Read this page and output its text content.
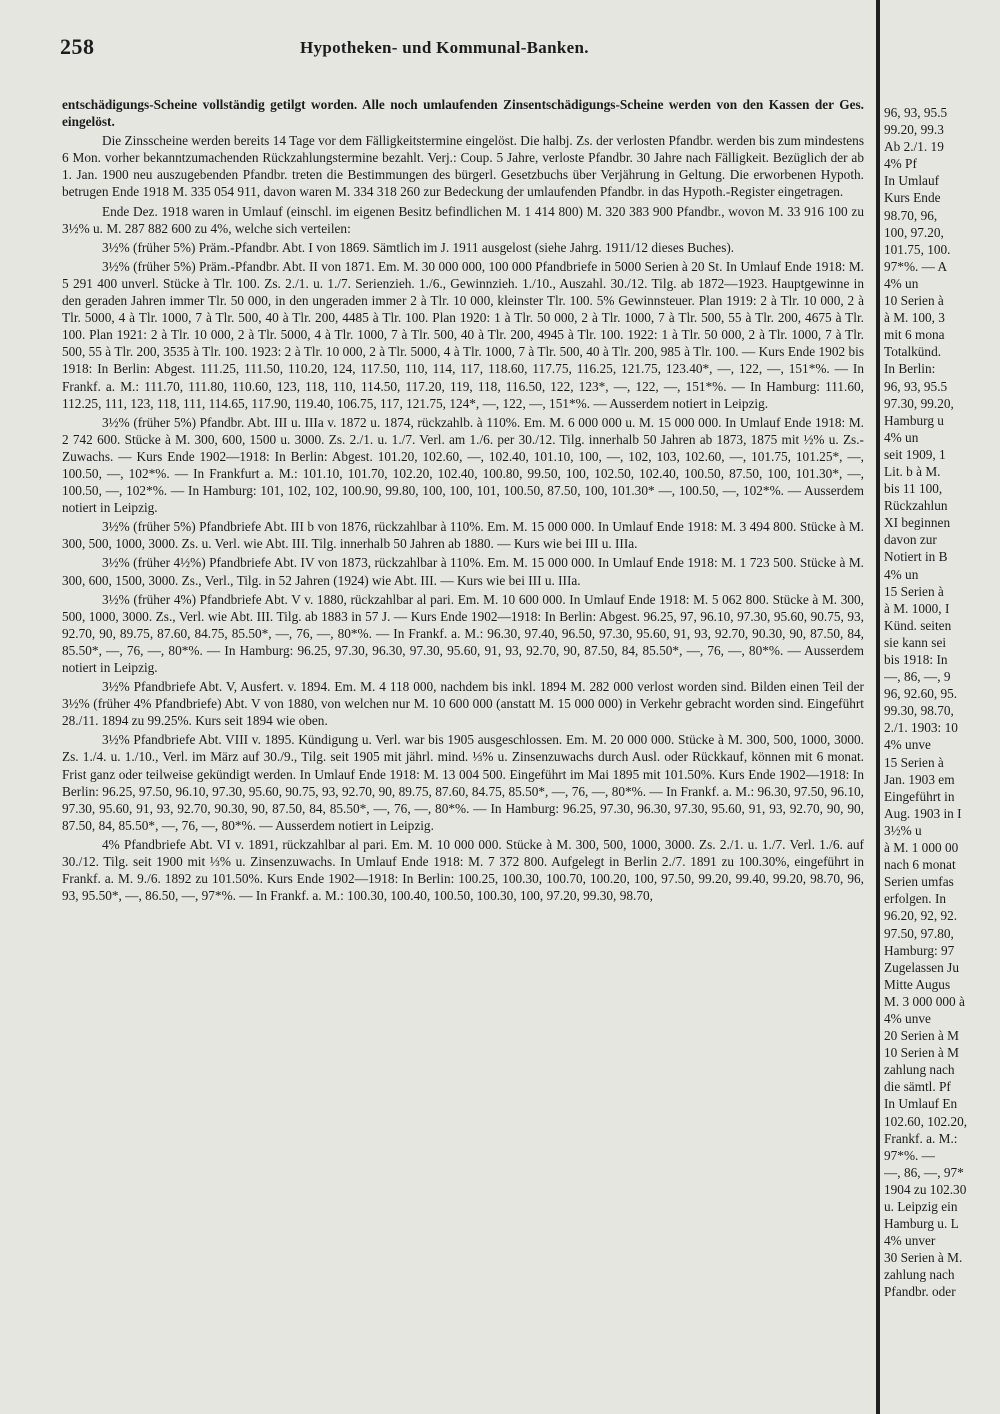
258	Hypotheken- und Kommunal-Banken.

entschädigungs-Scheine vollständig getilgt worden. Alle noch umlaufenden Zinsentschädigungs-Scheine werden von den Kassen der Ges. eingelöst.

Die Zinsscheine werden bereits 14 Tage vor dem Fälligkeitstermine eingelöst. Die halbj. Zs. der verlosten Pfandbr. werden bis zum mindestens 6 Mon. vorher bekanntzumachenden Rückzahlungstermine bezahlt. Verj.: Coup. 5 Jahre, verloste Pfandbr. 30 Jahre nach Fälligkeit. Bezüglich der ab 1. Jan. 1900 neu auszugebenden Pfandbr. treten die Bestimmungen des bürgerl. Gesetzbuchs über Verjährung in Geltung. Die erworbenen Hypoth. betrugen Ende 1918 M. 335 054 911, davon waren M. 334 318 260 zur Bedeckung der umlaufenden Pfandbr. in das Hypoth.-Register eingetragen.

Ende Dez. 1918 waren in Umlauf (einschl. im eigenen Besitz befindlichen M. 1 414 800) M. 320 383 900 Pfandbr., wovon M. 33 916 100 zu 3½% u. M. 287 882 600 zu 4%, welche sich verteilen:

3½% (früher 5%) Präm.-Pfandbr. Abt. I von 1869. Sämtlich im J. 1911 ausgelost (siehe Jahrg. 1911/12 dieses Buches).

3½% (früher 5%) Präm.-Pfandbr. Abt. II von 1871. Em. M. 30 000 000, 100 000 Pfandbriefe in 5000 Serien à 20 St. In Umlauf Ende 1918: M. 5 291 400 unverl. Stücke à Tlr. 100. Zs. 2./1. u. 1./7. Serienzieh. 1./6., Gewinnzieh. 1./10., Auszahl. 30./12. Tilg. ab 1872—1923. Hauptgewinne in den geraden Jahren immer Tlr. 50 000, in den ungeraden immer 2 à Tlr. 10 000, kleinster Tlr. 100. 5% Gewinnsteuer. Plan 1919: 2 à Tlr. 10 000, 2 à Tlr. 5000, 4 à Tlr. 1000, 7 à Tlr. 500, 40 à Tlr. 200, 4485 à Tlr. 100. Plan 1920: 1 à Tlr. 50 000, 2 à Tlr. 1000, 7 à Tlr. 500, 55 à Tlr. 200, 4675 à Tlr. 100. Plan 1921: 2 à Tlr. 10 000, 2 à Tlr. 5000, 4 à Tlr. 1000, 7 à Tlr. 500, 40 à Tlr. 200, 4945 à Tlr. 100. 1922: 1 à Tlr. 50 000, 2 à Tlr. 1000, 7 à Tlr. 500, 55 à Tlr. 200, 3535 à Tlr. 100. 1923: 2 à Tlr. 10 000, 2 à Tlr. 5000, 4 à Tlr. 1000, 7 à Tlr. 500, 40 à Tlr. 200, 985 à Tlr. 100. — Kurs Ende 1902 bis 1918: In Berlin: Abgest. 111.25, 111.50, 110.20, 124, 117.50, 110, 114, 117, 118.60, 117.75, 116.25, 121.75, 123.40*, —, 122, —, 151*%. — In Frankf. a. M.: 111.70, 111.80, 110.60, 123, 118, 110, 114.50, 117.20, 119, 118, 116.50, 122, 123*, —, 122, —, 151*%. — In Hamburg: 111.60, 112.25, 111, 123, 118, 111, 114.65, 117.90, 119.40, 106.75, 117, 121.75, 124*, —, 122, —, 151*%. — Ausserdem notiert in Leipzig.

3½% (früher 5%) Pfandbr. Abt. III u. IIIa v. 1872 u. 1874, rückzahlb. à 110%. Em. M. 6 000 000 u. M. 15 000 000. In Umlauf Ende 1918: M. 2 742 600. Stücke à M. 300, 600, 1500 u. 3000. Zs. 2./1. u. 1./7. Verl. am 1./6. per 30./12. Tilg. innerhalb 50 Jahren ab 1873, 1875 mit ½% u. Zs.-Zuwachs. — Kurs Ende 1902—1918: In Berlin: Abgest. 101.20, 102.60, —, 102.40, 101.10, 100, —, 102, 103, 102.60, —, 101.75, 101.25*, —, 100.50, —, 102*%. — In Frankfurt a. M.: 101.10, 101.70, 102.20, 102.40, 100.80, 99.50, 100, 102.50, 102.40, 100.50, 87.50, 100, 101.30*, —, 100.50, —, 102*%. — In Hamburg: 101, 102, 102, 100.90, 99.80, 100, 100, 101, 100.50, 87.50, 100, 101.30* —, 100.50, —, 102*%. — Ausserdem notiert in Leipzig.

3½% (früher 5%) Pfandbriefe Abt. III b von 1876, rückzahlbar à 110%. Em. M. 15 000 000. In Umlauf Ende 1918: M. 3 494 800. Stücke à M. 300, 500, 1000, 3000. Zs. u. Verl. wie Abt. III. Tilg. innerhalb 50 Jahren ab 1880. — Kurs wie bei III u. IIIa.

3½% (früher 4½%) Pfandbriefe Abt. IV von 1873, rückzahlbar à 110%. Em. M. 15 000 000. In Umlauf Ende 1918: M. 1 723 500. Stücke à M. 300, 600, 1500, 3000. Zs., Verl., Tilg. in 52 Jahren (1924) wie Abt. III. — Kurs wie bei III u. IIIa.

3½% (früher 4%) Pfandbriefe Abt. V v. 1880, rückzahlbar al pari. Em. M. 10 600 000. In Umlauf Ende 1918: M. 5 062 800. Stücke à M. 300, 500, 1000, 3000. Zs., Verl. wie Abt. III. Tilg. ab 1883 in 57 J. — Kurs Ende 1902—1918: In Berlin: Abgest. 96.25, 97, 96.10, 97.30, 95.60, 90.75, 93, 92.70, 90, 89.75, 87.60, 84.75, 85.50*, —, 76, —, 80*%. — In Frankf. a. M.: 96.30, 97.40, 96.50, 97.30, 95.60, 91, 93, 92.70, 90.30, 90, 87.50, 84, 85.50*, —, 76, —, 80*%. — In Hamburg: 96.25, 97.30, 96.30, 97.30, 95.60, 91, 93, 92.70, 90, 87.50, 84, 85.50*, —, 76, —, 80*%. — Ausserdem notiert in Leipzig.

3½% Pfandbriefe Abt. V, Ausfert. v. 1894. Em. M. 4 118 000, nachdem bis inkl. 1894 M. 282 000 verlost worden sind. Bilden einen Teil der 3½% (früher 4% Pfandbriefe) Abt. V von 1880, von welchen nur M. 10 600 000 (anstatt M. 15 000 000) in Verkehr gebracht worden sind. Eingeführt 28./11. 1894 zu 99.25%. Kurs seit 1894 wie oben.

3½% Pfandbriefe Abt. VIII v. 1895. Kündigung u. Verl. war bis 1905 ausgeschlossen. Em. M. 20 000 000. Stücke à M. 300, 500, 1000, 3000. Zs. 1./4. u. 1./10., Verl. im März auf 30./9., Tilg. seit 1905 mit jährl. mind. ⅓% u. Zinsenzuwachs durch Ausl. oder Rückkauf, können mit 6 monat. Frist ganz oder teilweise gekündigt werden. In Umlauf Ende 1918: M. 13 004 500. Eingeführt im Mai 1895 mit 101.50%. Kurs Ende 1902—1918: In Berlin: 96.25, 97.50, 96.10, 97.30, 95.60, 90.75, 93, 92.70, 90, 89.75, 87.60, 84.75, 85.50*, —, 76, —, 80*%. — In Frankf. a. M.: 96.30, 97.50, 96.10, 97.30, 95.60, 91, 93, 92.70, 90.30, 90, 87.50, 84, 85.50*, —, 76, —, 80*%. — In Hamburg: 96.25, 97.30, 96.30, 97.30, 95.60, 91, 93, 92.70, 90, 90, 87.50, 84, 85.50*, —, 76, —, 80*%. — Ausserdem notiert in Leipzig.

4% Pfandbriefe Abt. VI v. 1891, rückzahlbar al pari. Em. M. 10 000 000. Stücke à M. 300, 500, 1000, 3000. Zs. 2./1. u. 1./7. Verl. 1./6. auf 30./12. Tilg. seit 1900 mit ⅓% u. Zinsenzuwachs. In Umlauf Ende 1918: M. 7 372 800. Aufgelegt in Berlin 2./7. 1891 zu 100.30%, eingeführt in Frankf. a. M. 9./6. 1892 zu 101.50%. Kurs Ende 1902—1918: In Berlin: 100.25, 100.30, 100.70, 100.20, 100, 97.50, 99.20, 99.40, 99.20, 98.70, 96, 93, 95.50*, —, 86.50, —, 97*%. — In Frankf. a. M.: 100.30, 100.40, 100.50, 100.30, 100, 97.20, 99.30, 98.70,

96, 93, 95.5
99.20, 99.3
Ab 2./1. 19
4% Pf
In Umlauf
Kurs Ende
98.70, 96,
100, 97.20,
101.75, 100.
97*%. — A
4% un
10 Serien à
à M. 100, 3
mit 6 mona
Totalkünd.
In Berlin:
96, 93, 95.5
97.30, 99.20,
Hamburg u
4% un
seit 1909, 1
Lit. b à M.
bis 11 100,
Rückzahlun
XI beginnen
davon zur
Notiert in B
4% un
15 Serien à
à M. 1000, I
Künd. seiten
sie kann sei
bis 1918: In
—, 86, —, 9
96, 92.60, 95.
99.30, 98.70,
2./1. 1903: 10
4% unve
15 Serien à
Jan. 1903 em
Eingeführt in
Aug. 1903 in I
3½% u
à M. 1 000 00
nach 6 monat
Serien umfas
erfolgen. In
96.20, 92, 92.
97.50, 97.80,
Hamburg: 97
Zugelassen Ju
Mitte Augus
M. 3 000 000 à
4% unve
20 Serien à M
10 Serien à M
zahlung nach
die sämtl. Pf
In Umlauf En
102.60, 102.20,
Frankf. a. M.:
97*%. —
—, 86, —, 97*
1904 zu 102.30
u. Leipzig ein
Hamburg u. L
4% unver
30 Serien à M.
zahlung nach
Pfandbr. oder
